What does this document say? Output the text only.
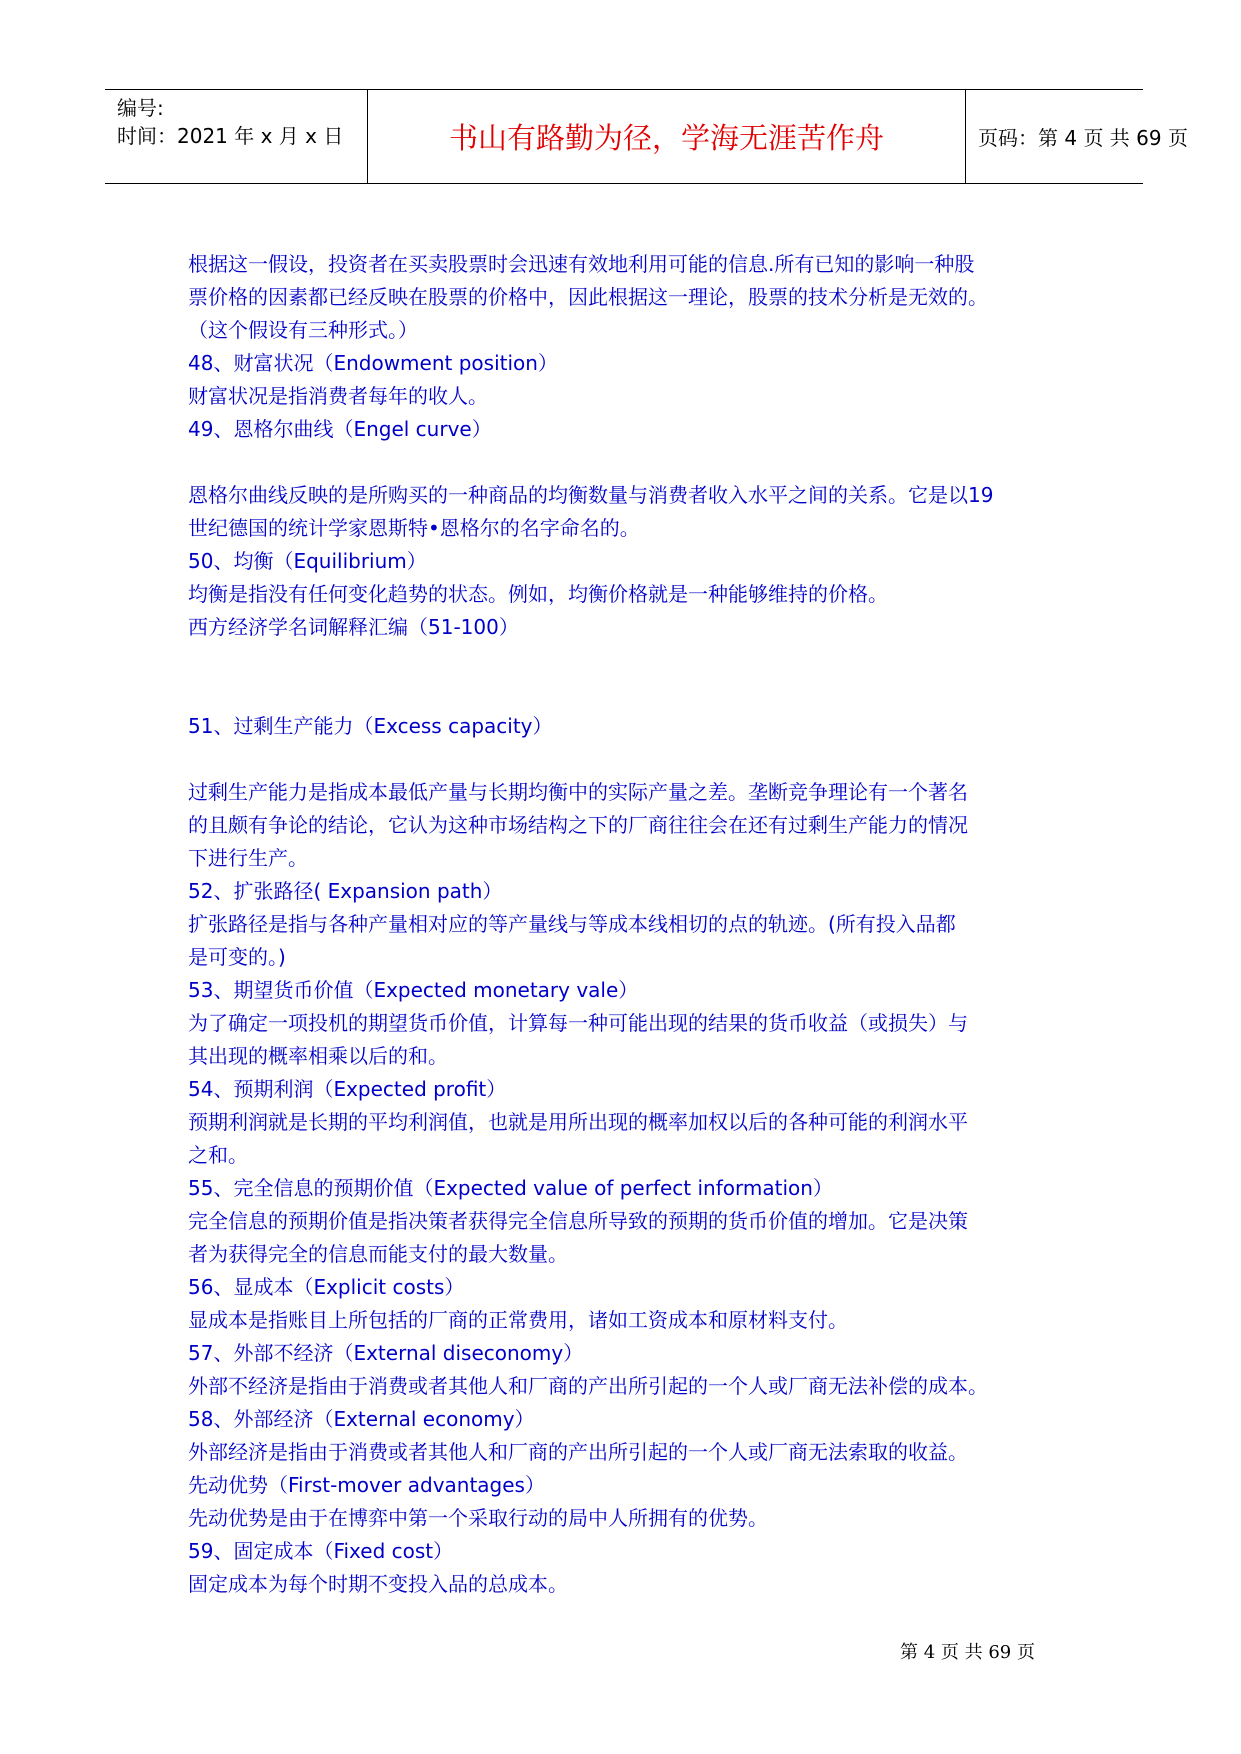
编号:
时间：2021 年 x 月 x 日	书山有路勤为径，学海无涯苦作舟	页码：第 4 页 共 69 页
根据这一假设，投资者在买卖股票时会迅速有效地利用可能的信息.所有已知的影响一种股
票价格的因素都已经反映在股票的价格中，因此根据这一理论，股票的技术分析是无效的。
（这个假设有三种形式。）
48、财富状况（Endowment position）
财富状况是指消费者每年的收人。
49、恩格尔曲线（Engel curve）
恩格尔曲线反映的是所购买的一种商品的均衡数量与消费者收入水平之间的关系。它是以19
世纪德国的统计学家恩斯特•恩格尔的名字命名的。
50、均衡（Equilibrium）
均衡是指没有任何变化趋势的状态。例如，均衡价格就是一种能够维持的价格。
西方经济学名词解释汇编（51-100）
51、过剩生产能力（Excess capacity）
过剩生产能力是指成本最低产量与长期均衡中的实际产量之差。垄断竞争理论有一个著名
的且颇有争论的结论，它认为这种市场结构之下的厂商往往会在还有过剩生产能力的情况
下进行生产。
52、扩张路径( Expansion path）
扩张路径是指与各种产量相对应的等产量线与等成本线相切的点的轨迹。(所有投入品都
是可变的。)
53、期望货币价值（Expected monetary vale）
为了确定一项投机的期望货币价值，计算每一种可能出现的结果的货币收益（或损失）与
其出现的概率相乘以后的和。
54、预期利润（Expected profit）
预期利润就是长期的平均利润值，也就是用所出现的概率加权以后的各种可能的利润水平
之和。
55、完全信息的预期价值（Expected value of perfect information）
完全信息的预期价值是指决策者获得完全信息所导致的预期的货币价值的增加。它是决策
者为获得完全的信息而能支付的最大数量。
56、显成本（Explicit costs）
显成本是指账目上所包括的厂商的正常费用，诸如工资成本和原材料支付。
57、外部不经济（External diseconomy）
外部不经济是指由于消费或者其他人和厂商的产出所引起的一个人或厂商无法补偿的成本。
58、外部经济（External economy）
外部经济是指由于消费或者其他人和厂商的产出所引起的一个人或厂商无法索取的收益。
先动优势（First-mover advantages）
先动优势是由于在博弈中第一个采取行动的局中人所拥有的优势。
59、固定成本（Fixed cost）
固定成本为每个时期不变投入品的总成本。
第 4 页 共 69 页
